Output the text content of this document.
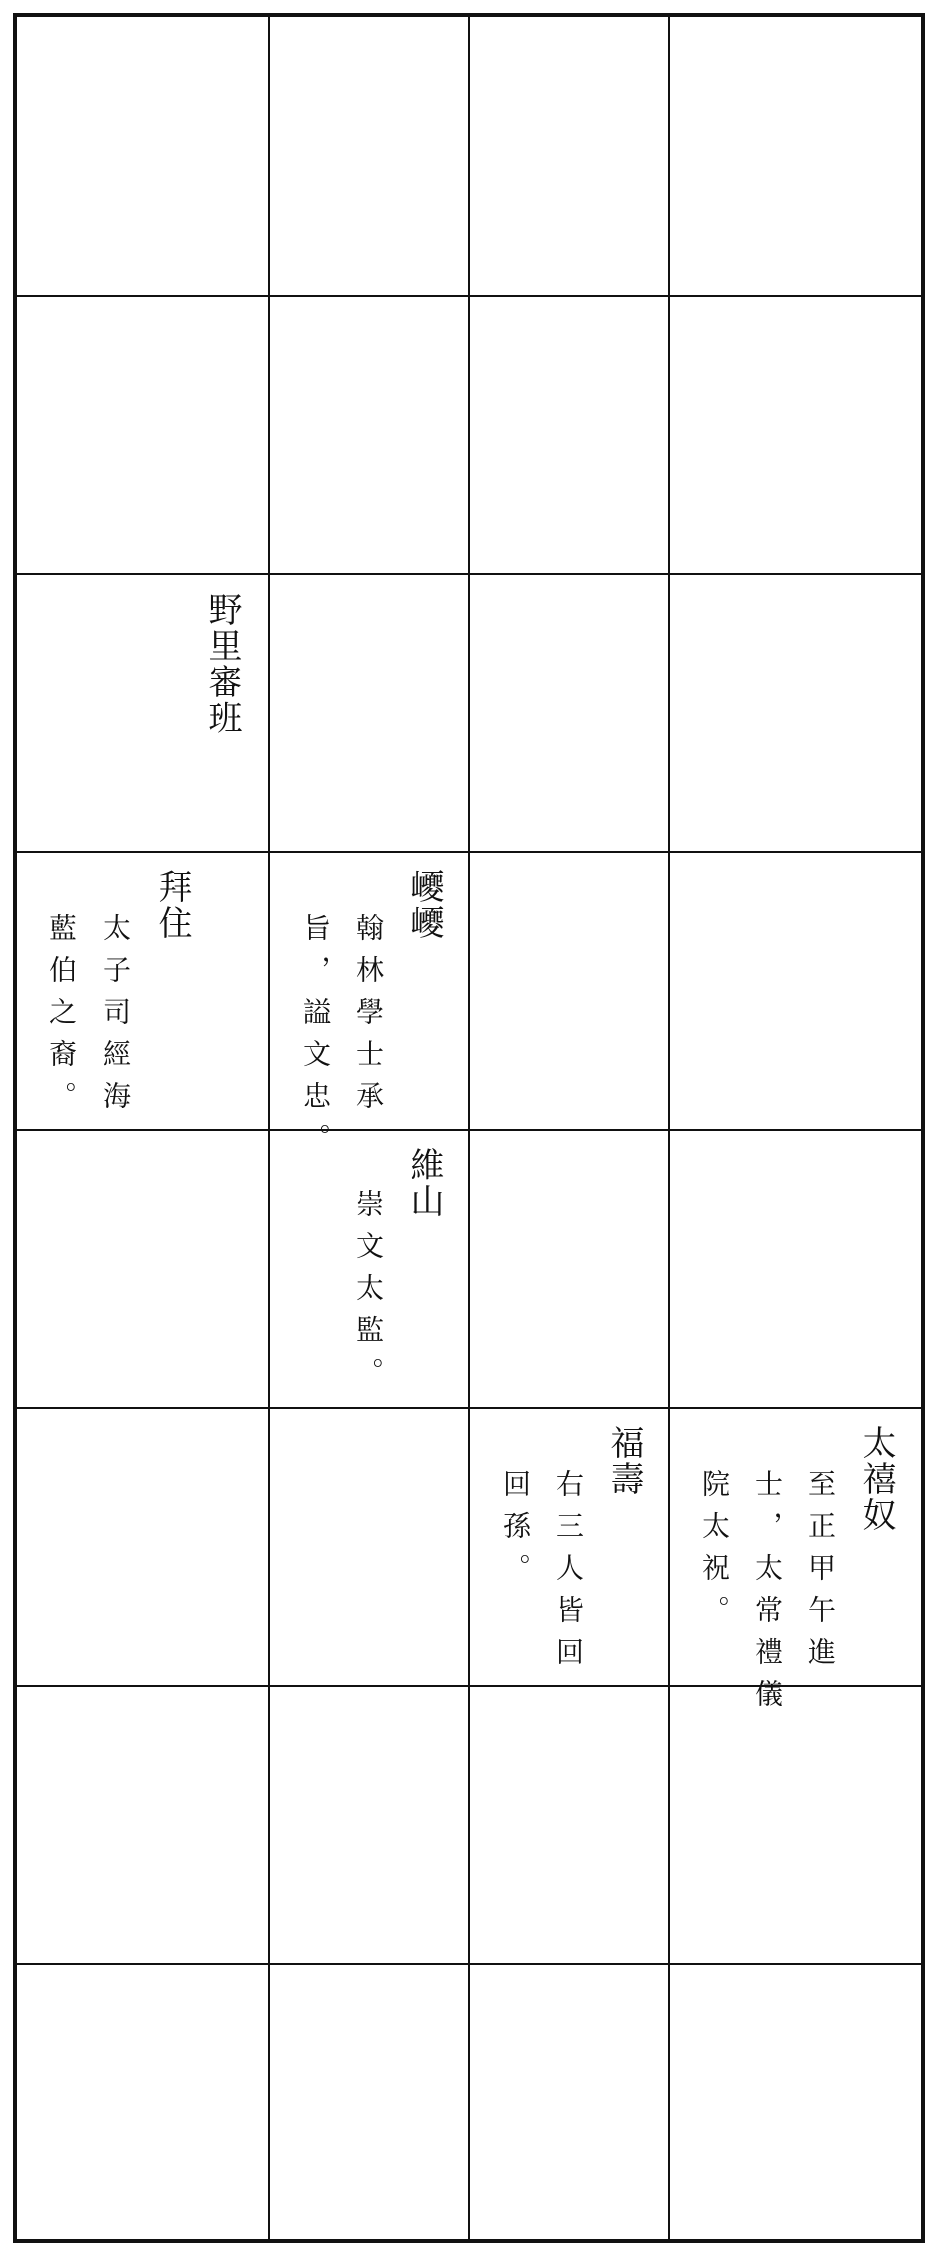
野里審班
拜住
太子司經海
藍伯之裔。
巎巎
翰林學士承
旨，謚文忠。
維山
崇文太監。
福壽
右三人皆回
回孫。	太禧奴
至正甲午進
士，太常禮儀
院太祝。
